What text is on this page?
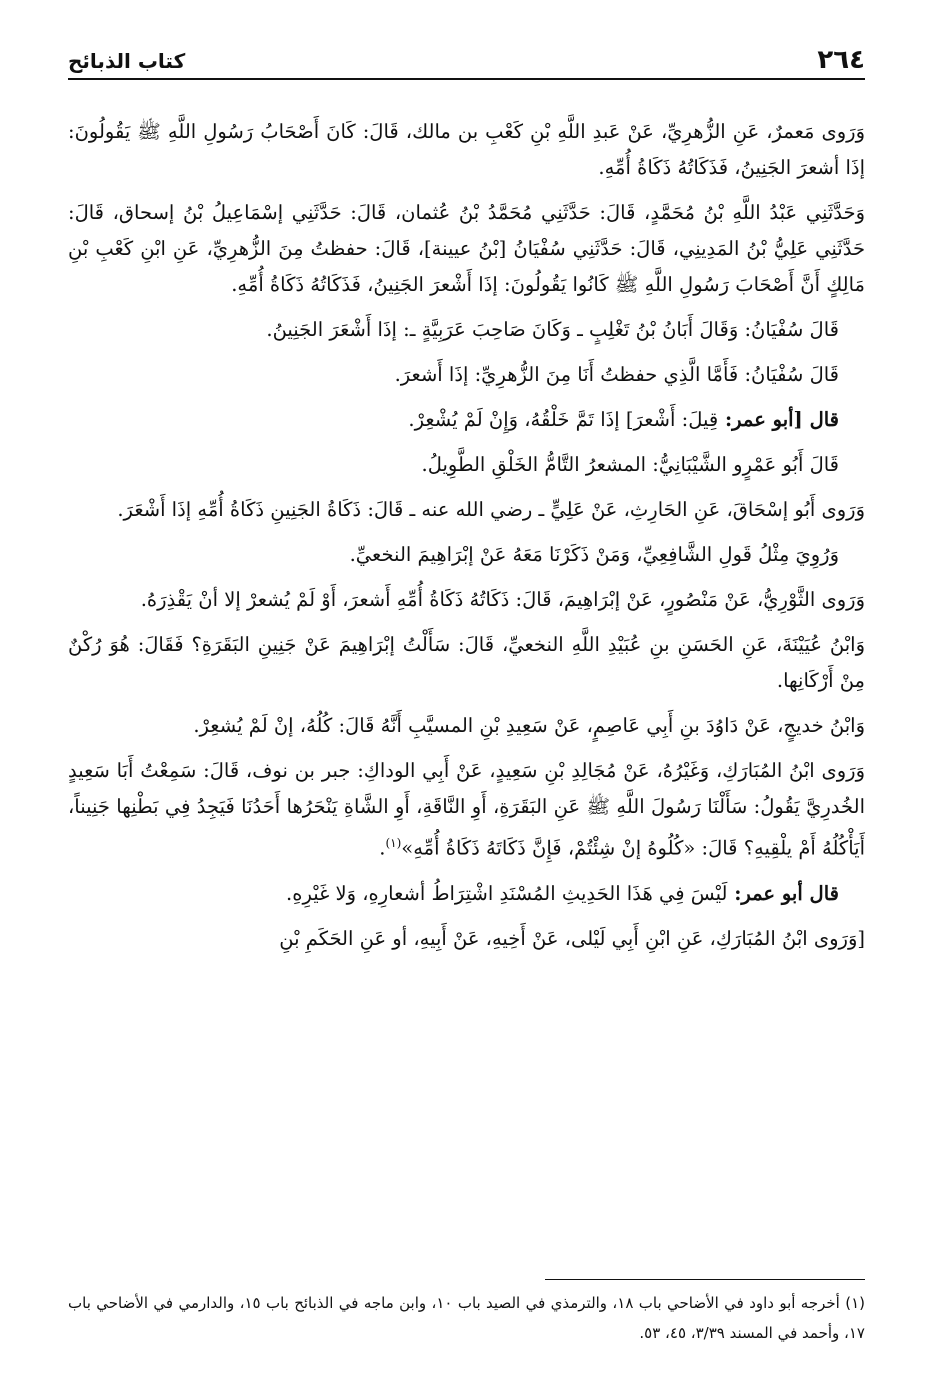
٢٦٤
كتاب الذبائح

وَرَوى مَعمرٌ، عَنِ الزُّهرِيِّ، عَنْ عَبدِ اللَّهِ بْنِ كَعْبِ بن مالك، قَالَ: كَانَ أَصْحَابُ رَسُولِ اللَّهِ ﷺ يَقُولُونَ: إذَا أشعرَ الجَنِينُ، فَذَكَاتُهُ ذَكَاةُ أُمِّهِ.

وَحَدَّثَنِي عَبْدُ اللَّهِ بْنُ مُحَمَّدٍ، قَالَ: حَدَّثَنِي مُحَمَّدُ بْنُ عُثمان، قَالَ: حَدَّثَنِي إسْمَاعِيلُ بْنُ إسحاق، قَالَ: حَدَّثَنِي عَلِيُّ بْنُ المَدِينِي، قَالَ: حَدَّثَنِي سُفْيَانُ [بْنُ عيينة]، قَالَ: حفظتُ مِنَ الزُّهرِيِّ، عَنِ ابْنِ كَعْبِ بْنِ مَالِكٍ أَنَّ أَصْحَابَ رَسُولِ اللَّهِ ﷺ كَانُوا يَقُولُونَ: إذَا أَشْعرَ الجَنِينُ، فَذَكَاتُهُ ذَكَاةُ أُمِّهِ.

قَالَ سُفْيَانُ: وَقَالَ أَبَانُ بْنُ تَغْلِبٍ ـ وَكَانَ صَاحِبَ عَرَبِيَّةٍ ـ: إذَا أَشْعَرَ الجَنِينُ.

قَالَ سُفْيَانُ: فَأَمَّا الَّذِي حفظتُ أَنَا مِنَ الزُّهرِيِّ: إذَا أَشعرَ.

قال [أبو عمر: قِيلَ: أَشْعرَ] إذَا تَمَّ خَلْقُهُ، وَإِنْ لَمْ يُشْعِرْ.

قَالَ أَبُو عَمْرٍو الشَّيْبَانِيُّ: المشعرُ التَّامُّ الخَلْقِ الطَّوِيلُ.

وَرَوى أَبُو إسْحَاقَ، عَنِ الحَارِثِ، عَنْ عَلِيٍّ ـ رضي الله عنه ـ قَالَ: ذَكَاةُ الجَنِينِ ذَكَاةُ أُمِّهِ إذَا أَشْعَرَ.

وَرُوِيَ مِثْلُ قَولِ الشَّافِعِيِّ، وَمَنْ ذَكَرْنَا مَعَهُ عَنْ إبْرَاهِيمَ النخعيِّ.

وَرَوى الثَّوْرِيُّ، عَنْ مَنْصُورٍ، عَنْ إبْرَاهِيمَ، قَالَ: ذَكَاتُهُ ذَكَاةُ أُمِّهِ أَشعرَ، أَوْ لَمْ يُشعرْ إلا أنْ يَقْذِرَهُ.

وَابْنُ عُيَيْنَةَ، عَنِ الحَسَنِ بنِ عُبَيْدِ اللَّهِ النخعيِّ، قَالَ: سَأَلْتُ إبْرَاهِيمَ عَنْ جَنِينِ البَقَرَةِ؟ فَقَالَ: هُوَ رُكْنٌ مِنْ أَرْكَانِها.

وَابْنُ خديجٍ، عَنْ دَاوُدَ بنِ أَبِي عَاصِمٍ، عَنْ سَعِيدِ بْنِ المسيَّبِ أَنَّهُ قَالَ: كُلُهُ، إنْ لَمْ يُشعِرْ.

وَرَوى ابْنُ المُبَارَكِ، وَغَيْرُهُ، عَنْ مُجَالِدِ بْنِ سَعِيدٍ، عَنْ أَبِي الوداكِ: جبر بن نوف، قَالَ: سَمِعْتُ أَبَا سَعِيدٍ الخُدرِيَّ يَقُولُ: سَأَلْنَا رَسُولَ اللَّهِ ﷺ عَنِ البَقَرَةِ، أَوِ النَّاقَةِ، أَوِ الشَّاةِ يَنْحَرُها أَحَدُنَا فَيَجِدُ فِي بَطْنِها جَنِيناً، أَيَأْكُلُهُ أَمْ يلْقِيهِ؟ قَالَ: «كُلُوهُ إنْ شِئْتُمْ، فَإِنَّ ذَكَاتَهُ ذَكَاةُ أُمِّهِ»$^{(١)}$.

قال أبو عمر: لَيْسَ فِي هَذَا الحَدِيثِ المُسْنَدِ اشْتِرَاطُ أشعارِهِ، وَلا غَيْرِهِ.

[وَرَوى ابْنُ المُبَارَكِ، عَنِ ابْنِ أَبِي لَيْلى، عَنْ أَخِيهِ، عَنْ أَبِيهِ، أو عَنِ الحَكَمِ بْنِ

(١) أخرجه أبو داود في الأضاحي باب ١٨، والترمذي في الصيد باب ١٠، وابن ماجه في الذبائح باب ١٥، والدارمي في الأضاحي باب ١٧، وأحمد في المسند ٣/٣٩، ٤٥، ٥٣.
